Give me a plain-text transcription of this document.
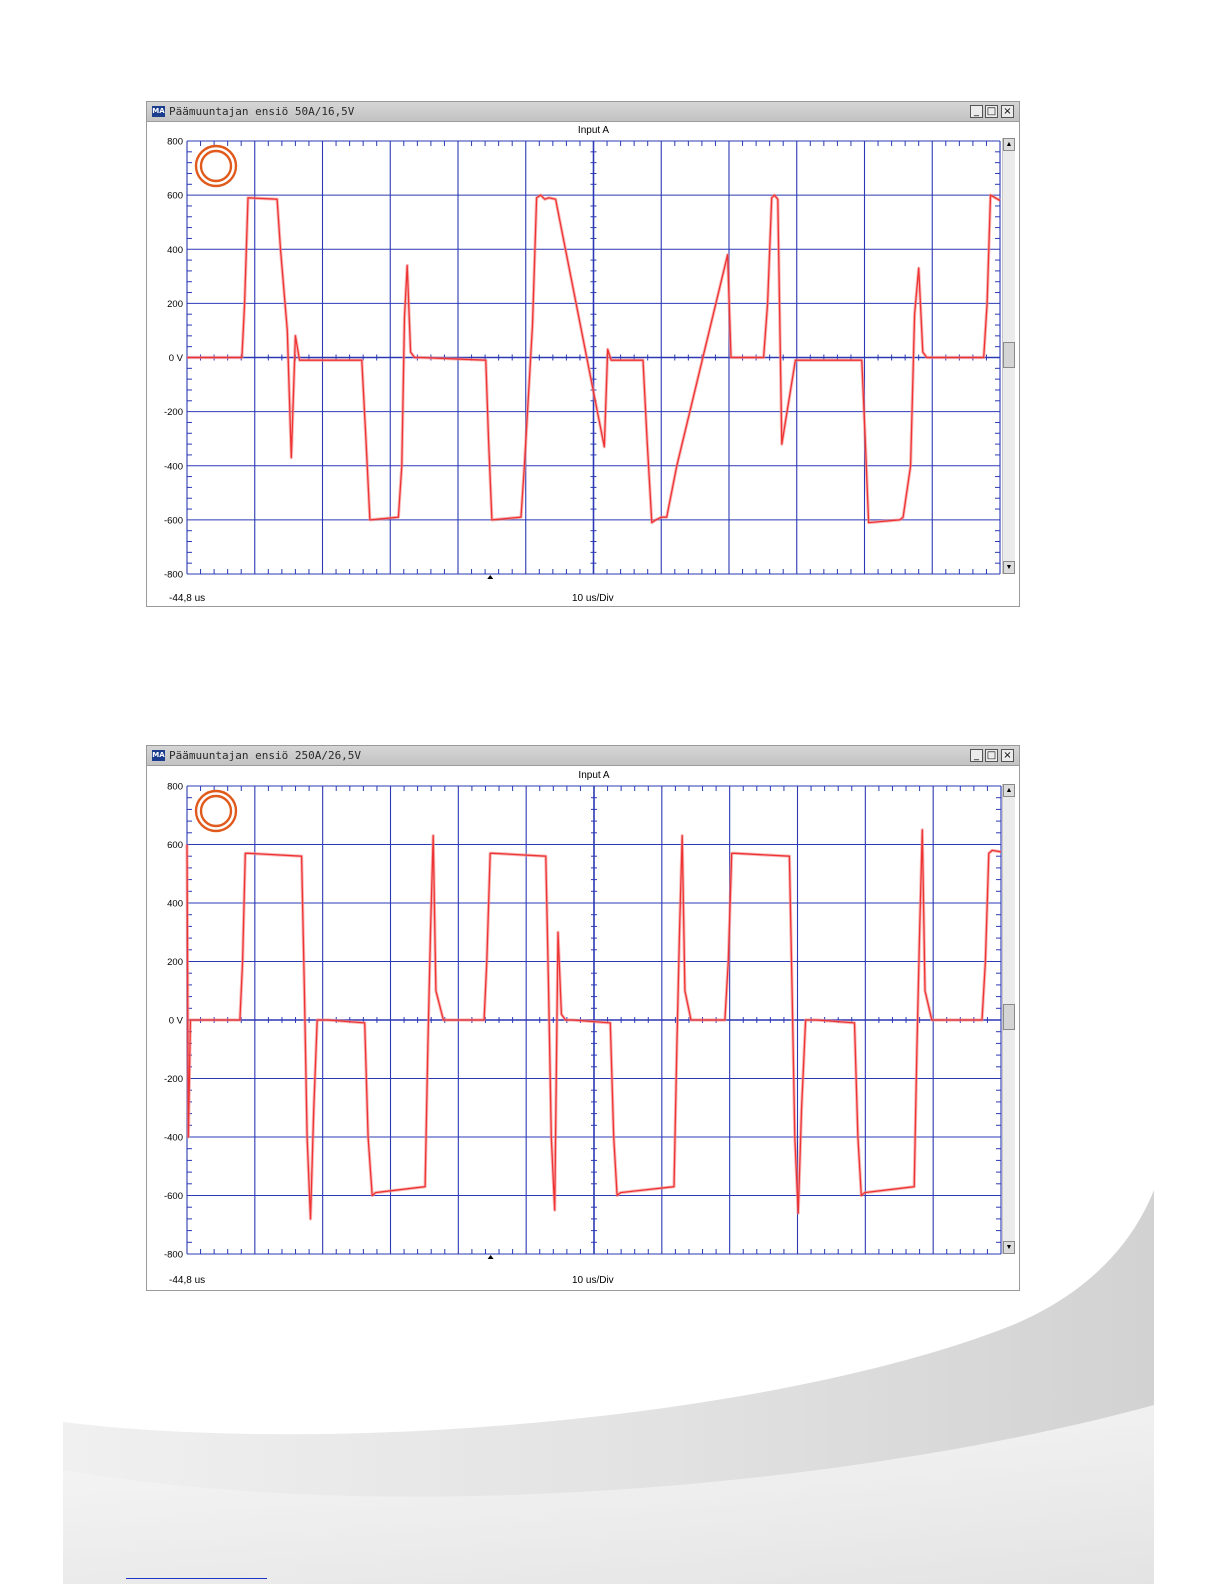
MA Päämuuntajan ensiö 50A/16,5V	_ □ ×
Input A
800
600
400
200
0 V
-200
-400
-600
-800
▲
▼
-44,8 us	10 us/Div
MA Päämuuntajan ensiö 250A/26,5V	_ □ ×
Input A
800
600
400
200
0 V
-200
-400
-600
-800
▲
▼
-44,8 us	10 us/Div
